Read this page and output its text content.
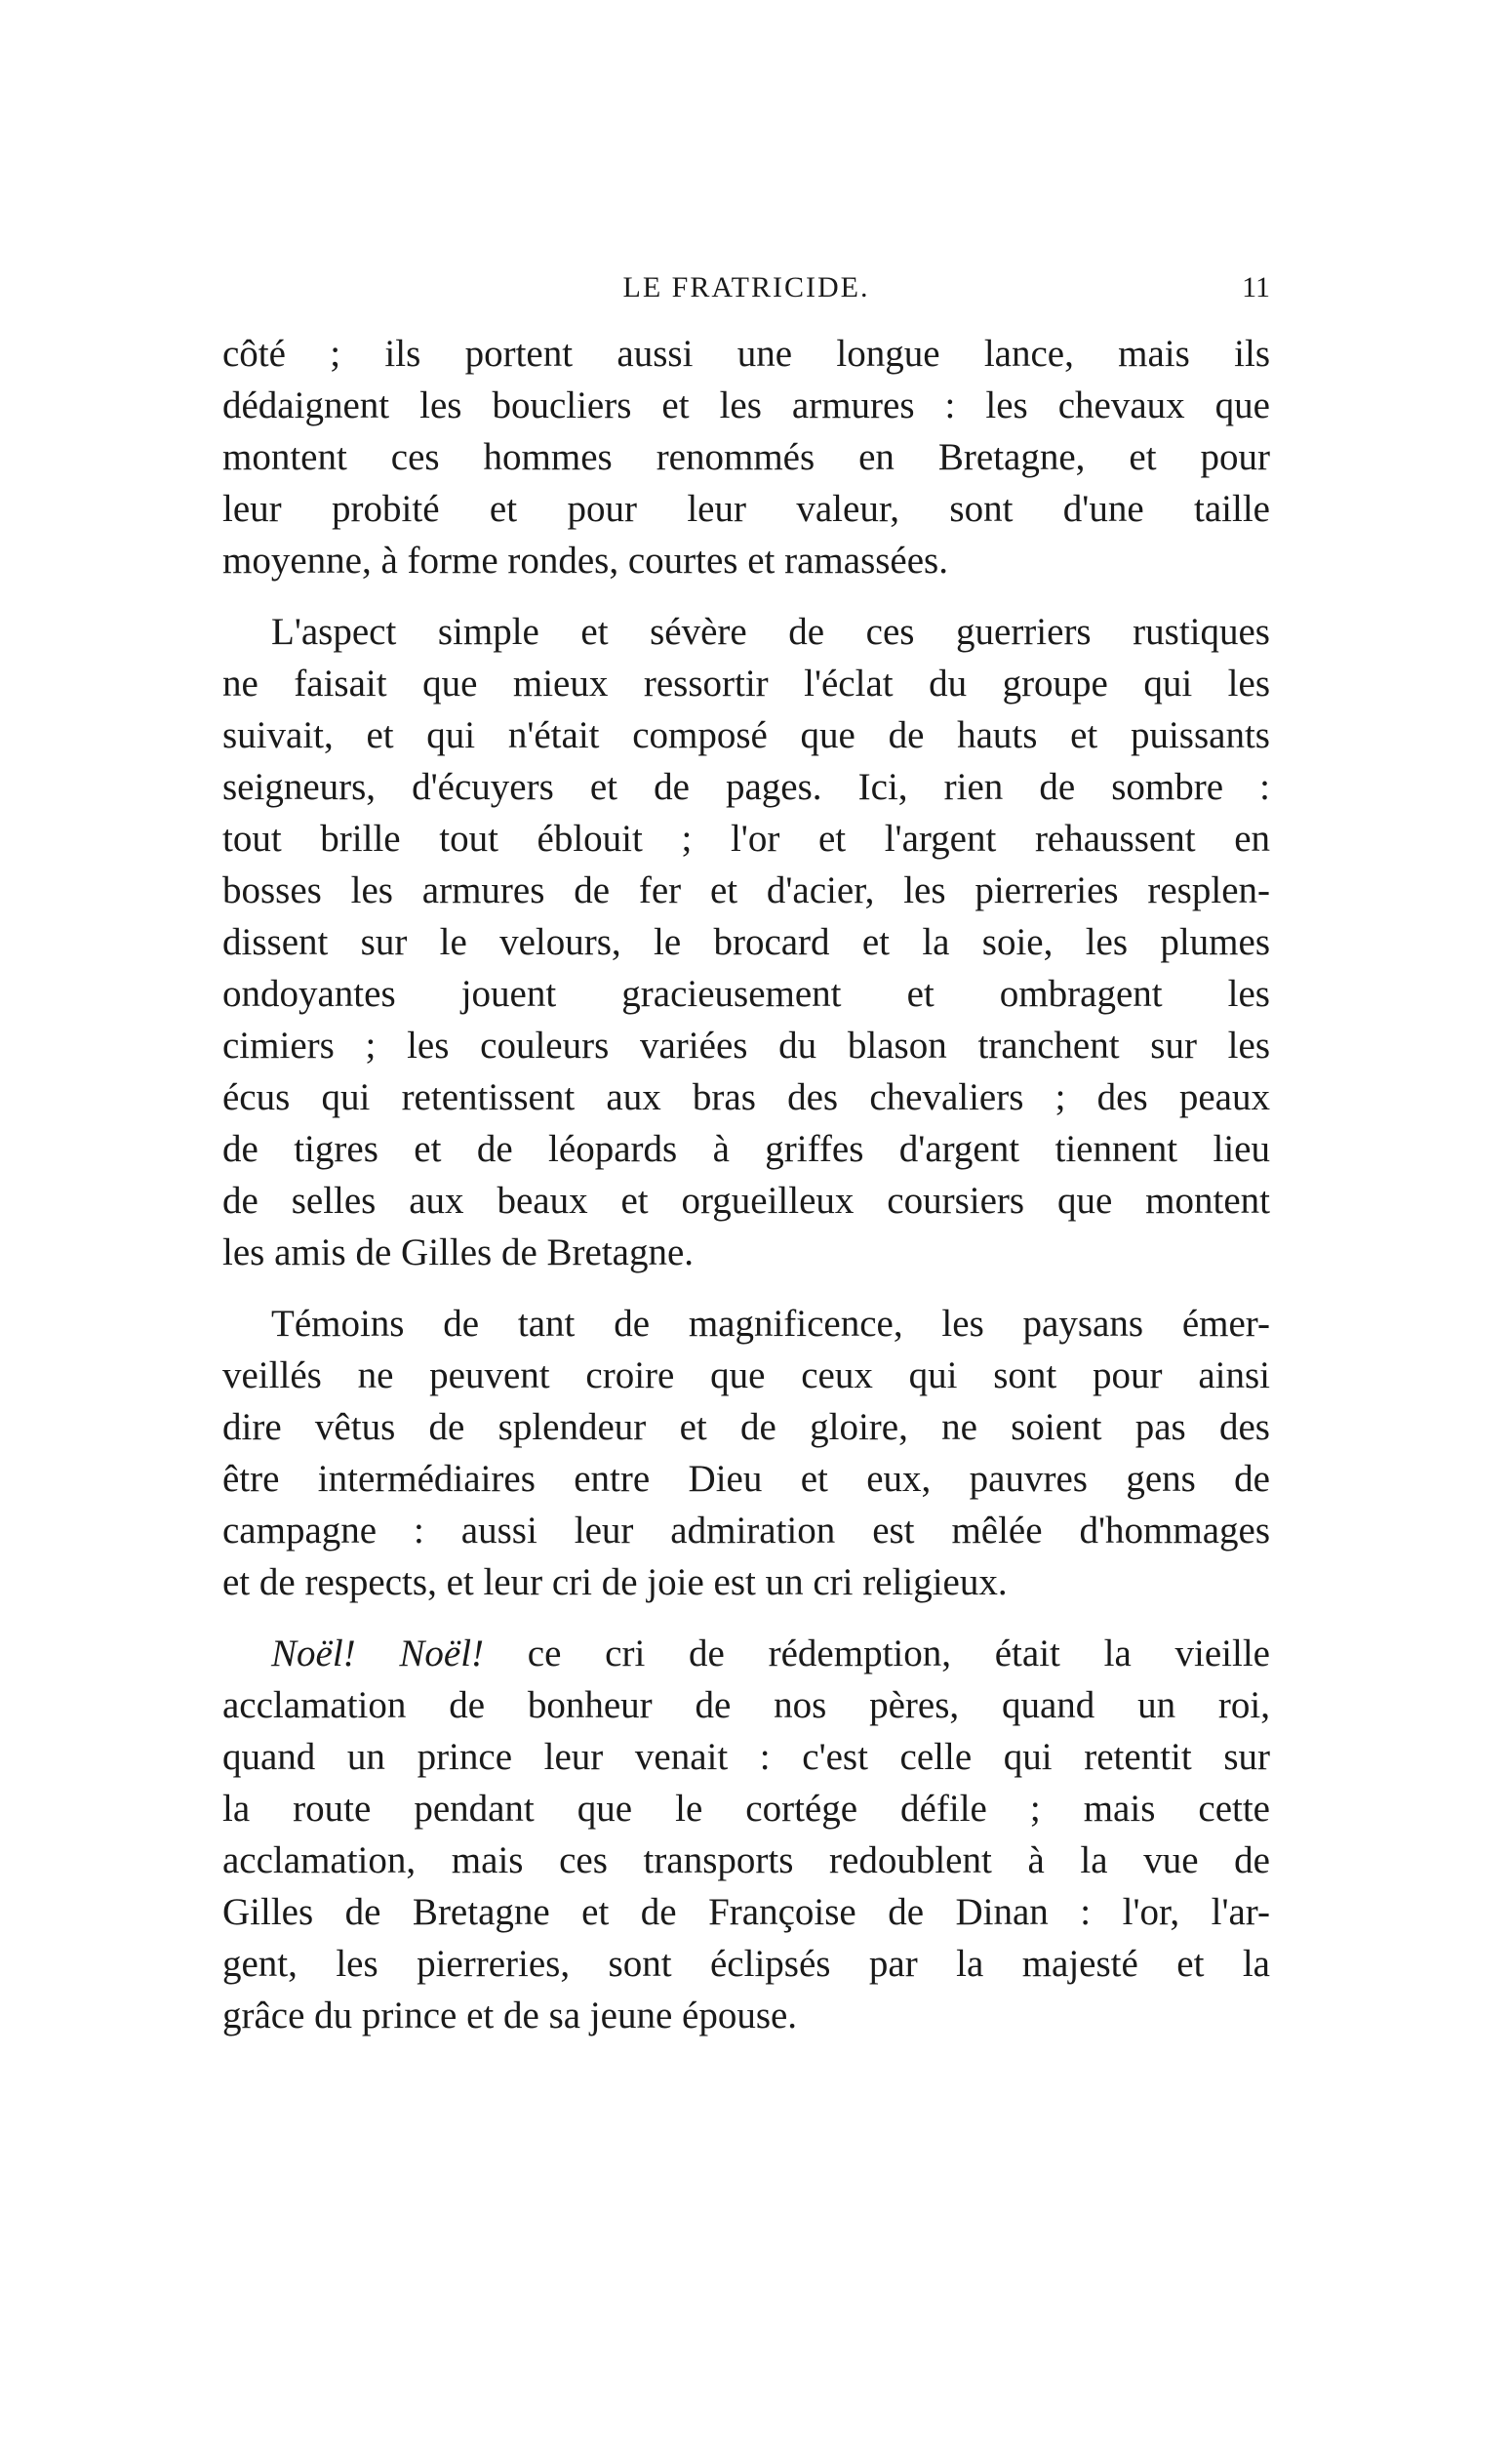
LE FRATRICIDE.	11

côté ; ils portent aussi une longue lance, mais ils
dédaignent les boucliers et les armures : les chevaux que
montent ces hommes renommés en Bretagne, et pour
leur probité et pour leur valeur, sont d'une taille
moyenne, à forme rondes, courtes et ramassées.

L'aspect simple et sévère de ces guerriers rustiques
ne faisait que mieux ressortir l'éclat du groupe qui les
suivait, et qui n'était composé que de hauts et puissants
seigneurs, d'écuyers et de pages. Ici, rien de sombre :
tout brille tout éblouit ; l'or et l'argent rehaussent en
bosses les armures de fer et d'acier, les pierreries resplen-
dissent sur le velours, le brocard et la soie, les plumes
ondoyantes jouent gracieusement et ombragent les
cimiers ; les couleurs variées du blason tranchent sur les
écus qui retentissent aux bras des chevaliers ; des peaux
de tigres et de léopards à griffes d'argent tiennent lieu
de selles aux beaux et orgueilleux coursiers que montent
les amis de Gilles de Bretagne.

Témoins de tant de magnificence, les paysans émer-
veillés ne peuvent croire que ceux qui sont pour ainsi
dire vêtus de splendeur et de gloire, ne soient pas des
être intermédiaires entre Dieu et eux, pauvres gens de
campagne : aussi leur admiration est mêlée d'hommages
et de respects, et leur cri de joie est un cri religieux.

Noël! Noël! ce cri de rédemption, était la vieille
acclamation de bonheur de nos pères, quand un roi,
quand un prince leur venait : c'est celle qui retentit sur
la route pendant que le cortége défile ; mais cette
acclamation, mais ces transports redoublent à la vue de
Gilles de Bretagne et de Françoise de Dinan : l'or, l'ar-
gent, les pierreries, sont éclipsés par la majesté et la
grâce du prince et de sa jeune épouse.
